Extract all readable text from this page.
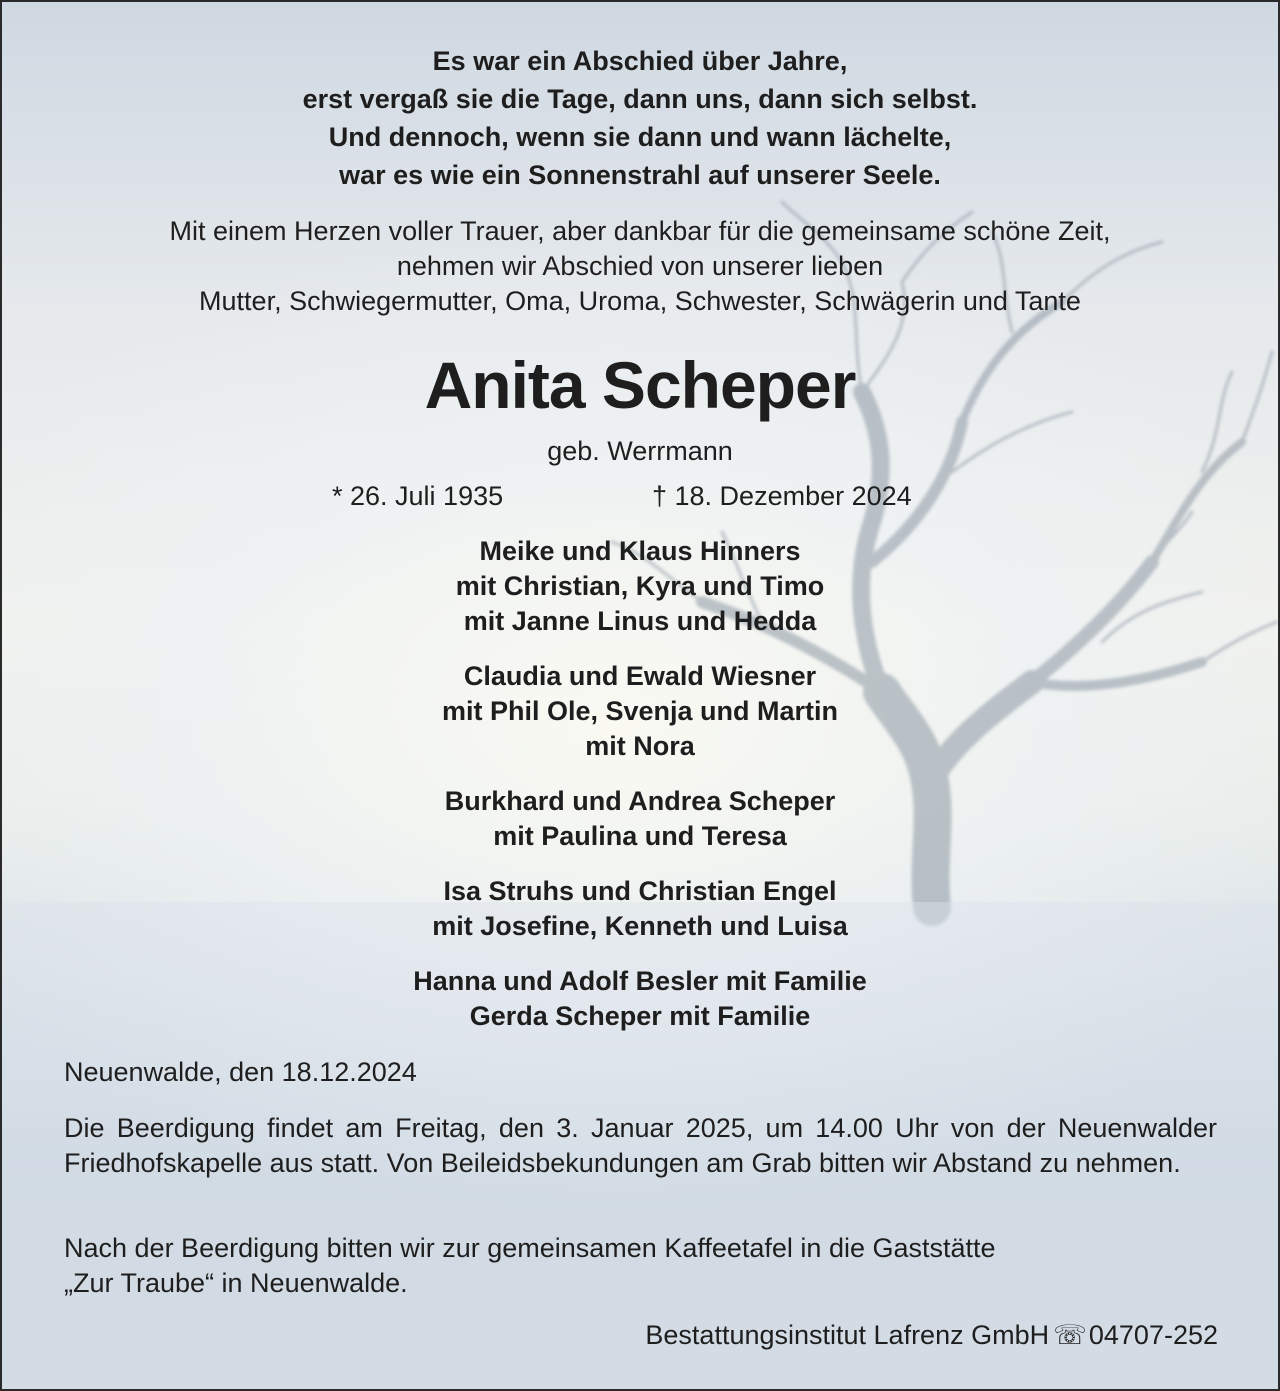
Es war ein Abschied über Jahre,
erst vergaß sie die Tage, dann uns, dann sich selbst.
Und dennoch, wenn sie dann und wann lächelte,
war es wie ein Sonnenstrahl auf unserer Seele.
Mit einem Herzen voller Trauer, aber dankbar für die gemeinsame schöne Zeit,
nehmen wir Abschied von unserer lieben
Mutter, Schwiegermutter, Oma, Uroma, Schwester, Schwägerin und Tante
Anita Scheper
geb. Werrmann
* 26. Juli 1935	† 18. Dezember 2024
Meike und Klaus Hinners
mit Christian, Kyra und Timo
mit Janne Linus und Hedda
Claudia und Ewald Wiesner
mit Phil Ole, Svenja und Martin
mit Nora
Burkhard und Andrea Scheper
mit Paulina und Teresa
Isa Struhs und Christian Engel
mit Josefine, Kenneth und Luisa
Hanna und Adolf Besler mit Familie
Gerda Scheper mit Familie
Neuenwalde, den 18.12.2024
Die Beerdigung findet am Freitag, den 3. Januar 2025, um 14.00 Uhr von der Neuenwalder Friedhofskapelle aus statt. Von Beileidsbekundungen am Grab bitten wir Abstand zu nehmen.
Nach der Beerdigung bitten wir zur gemeinsamen Kaffeetafel in die Gaststätte
„Zur Traube“ in Neuenwalde.
Bestattungsinstitut Lafrenz GmbH ☏04707-252
